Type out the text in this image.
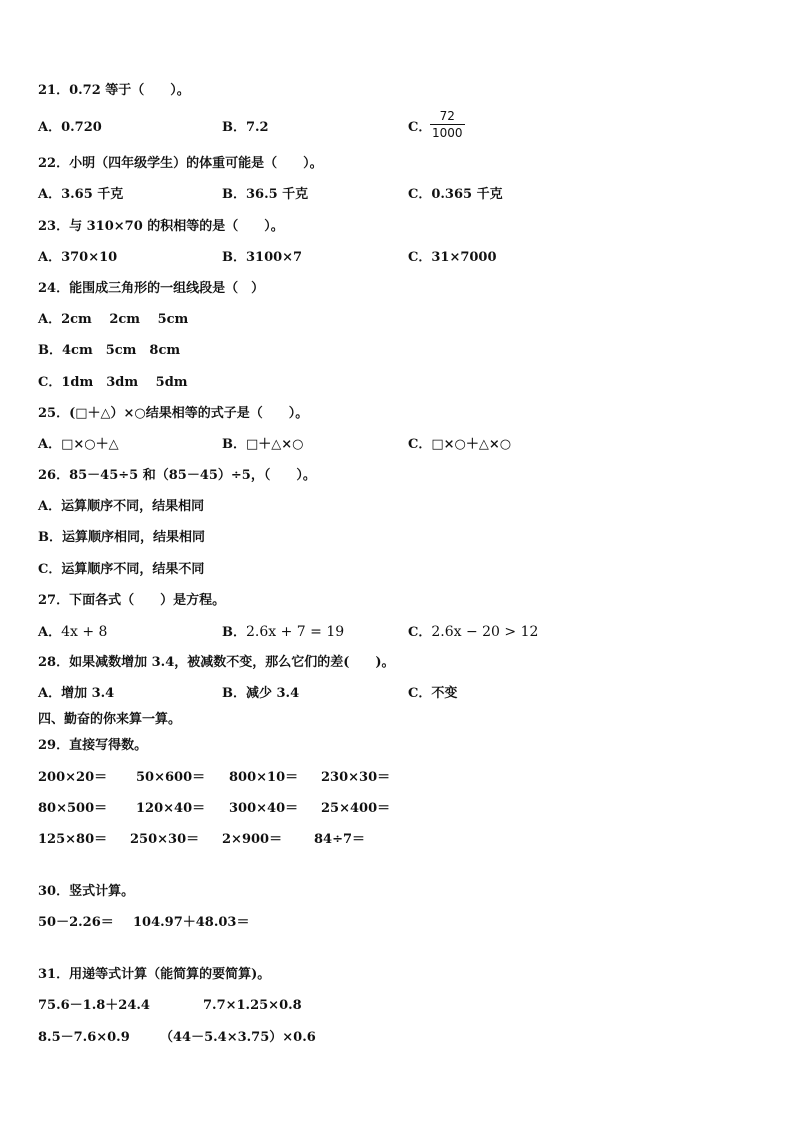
21．0.72 等于（　　）。
A．0.720	B．7.2	C．
$\frac{72}{1000}$
22．小明（四年级学生）的体重可能是（　　）。
A．3.65 千克	B．36.5 千克	C．0.365 千克
23．与 310×70 的积相等的是（　　）。
A．370×10	B．3100×7	C．31×7000
24．能围成三角形的一组线段是（　）
A．2cm　 2cm　 5cm
B．4cm　5cm　8cm
C．1dm　3dm　 5dm
25．(□＋△）×○结果相等的式子是（　　）。
A．□×○＋△	B．□＋△×○	C．□×○＋△×○
26．85－45÷5 和（85－45）÷5，（　　）。
A．运算顺序不同，结果相同
B．运算顺序相同，结果相同
C．运算顺序不同，结果不同
27．下面各式（　　）是方程。
A．4x + 8	B．2.6x + 7 = 19	C．2.6x − 20 > 12
28．如果减数增加 3.4，被减数不变，那么它们的差(　　)。
A．增加 3.4	B．减少 3.4	C．不变
四、勤奋的你来算一算。
29．直接写得数。
200×20＝ 50×600＝ 800×10＝ 230×30＝
80×500＝ 120×40＝ 300×40＝ 25×400＝
125×80＝ 250×30＝ 2×900＝ 84÷7＝
30．竖式计算。
50－2.26＝ 104.97＋48.03＝
31．用递等式计算（能简算的要简算)。
75.6－1.8＋24.4	7.7×1.25×0.8
8.5－7.6×0.9 （44－5.4×3.75）×0.6
